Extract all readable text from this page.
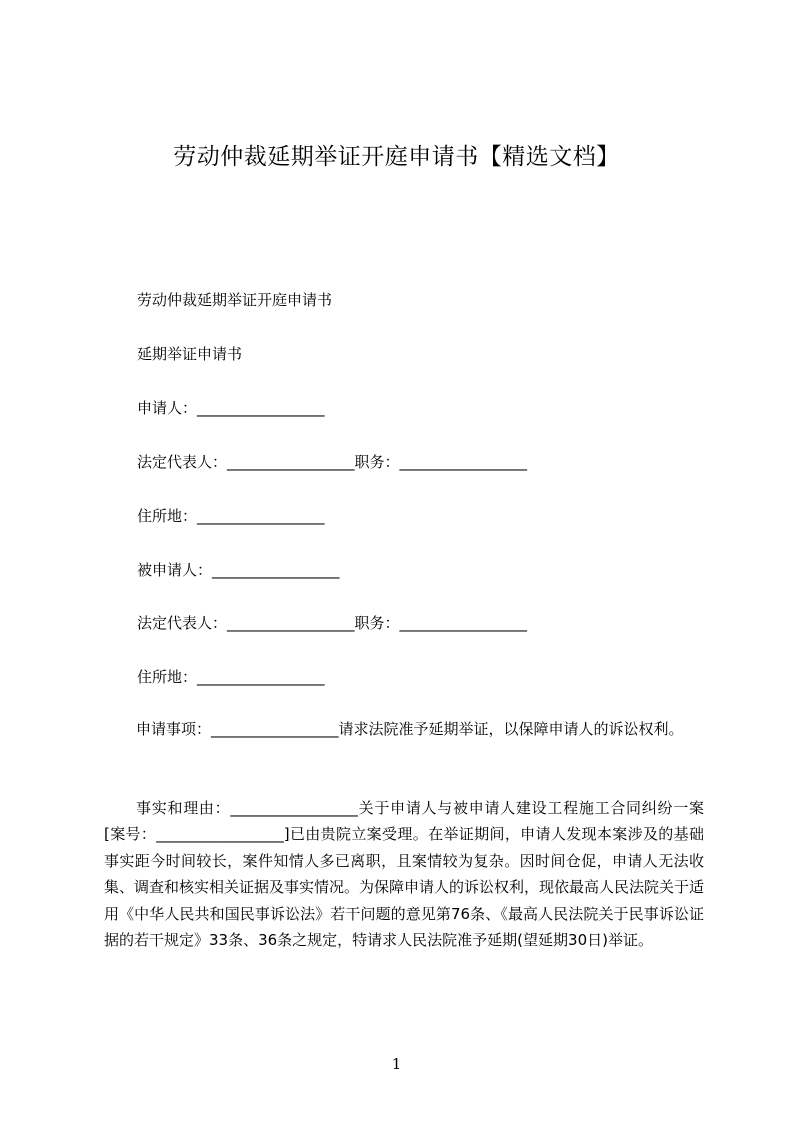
劳动仲裁延期举证开庭申请书【精选文档】

劳动仲裁延期举证开庭申请书

延期举证申请书

申请人：_________________

法定代表人：_________________职务：_________________

住所地：_________________

被申请人：_________________

法定代表人：_________________职务：_________________

住所地：_________________

申请事项：_________________请求法院准予延期举证，以保障申请人的诉讼权利。

事实和理由：_________________关于申请人与被申请人建设工程施工合同纠纷一案[案号：_________________]已由贵院立案受理。在举证期间，申请人发现本案涉及的基础事实距今时间较长，案件知情人多已离职，且案情较为复杂。因时间仓促，申请人无法收集、调查和核实相关证据及事实情况。为保障申请人的诉讼权利，现依最高人民法院关于适用《中华人民共和国民事诉讼法》若干问题的意见第76条、《最高人民法院关于民事诉讼证据的若干规定》33条、36条之规定，特请求人民法院准予延期(望延期30日)举证。

1
